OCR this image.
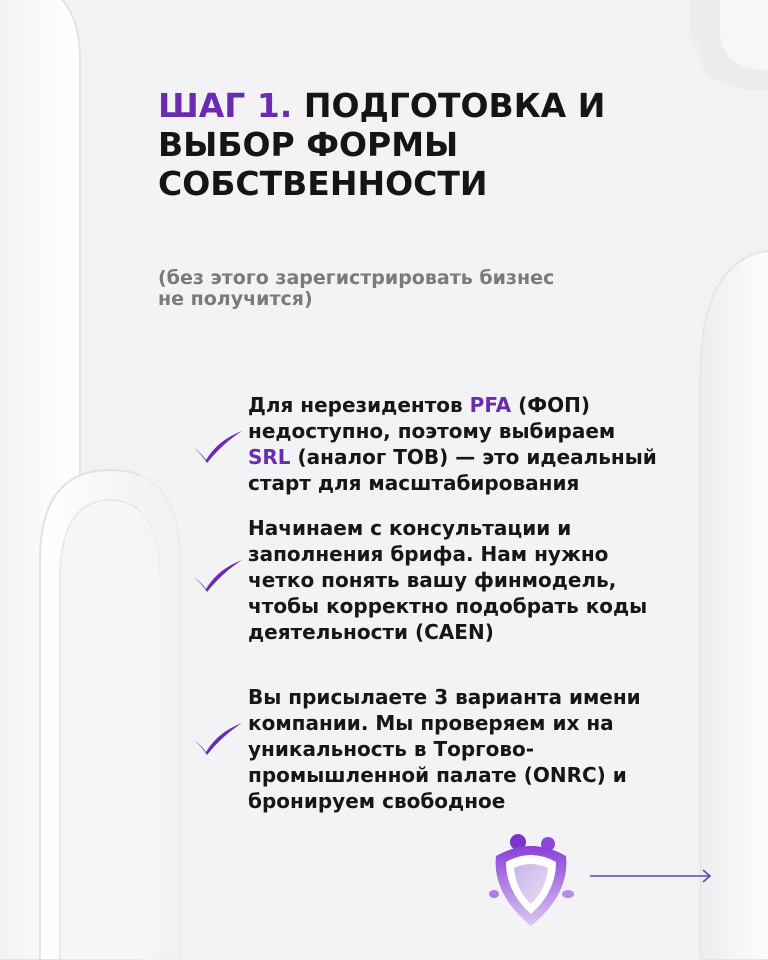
ШАГ 1. ПОДГОТОВКА И
ВЫБОР ФОРМЫ
СОБСТВЕННОСТИ

(без этого зарегистрировать бизнес
не получится)

Для нерезидентов PFA (ФОП)
недоступно, поэтому выбираем
SRL (аналог ТОВ) — это идеальный
старт для масштабирования

Начинаем с консультации и
заполнения брифа. Нам нужно
четко понять вашу финмодель,
чтобы корректно подобрать коды
деятельности (CAEN)

Вы присылаете 3 варианта имени
компании. Мы проверяем их на
уникальность в Торгово-
промышленной палате (ONRC) и
бронируем свободное
